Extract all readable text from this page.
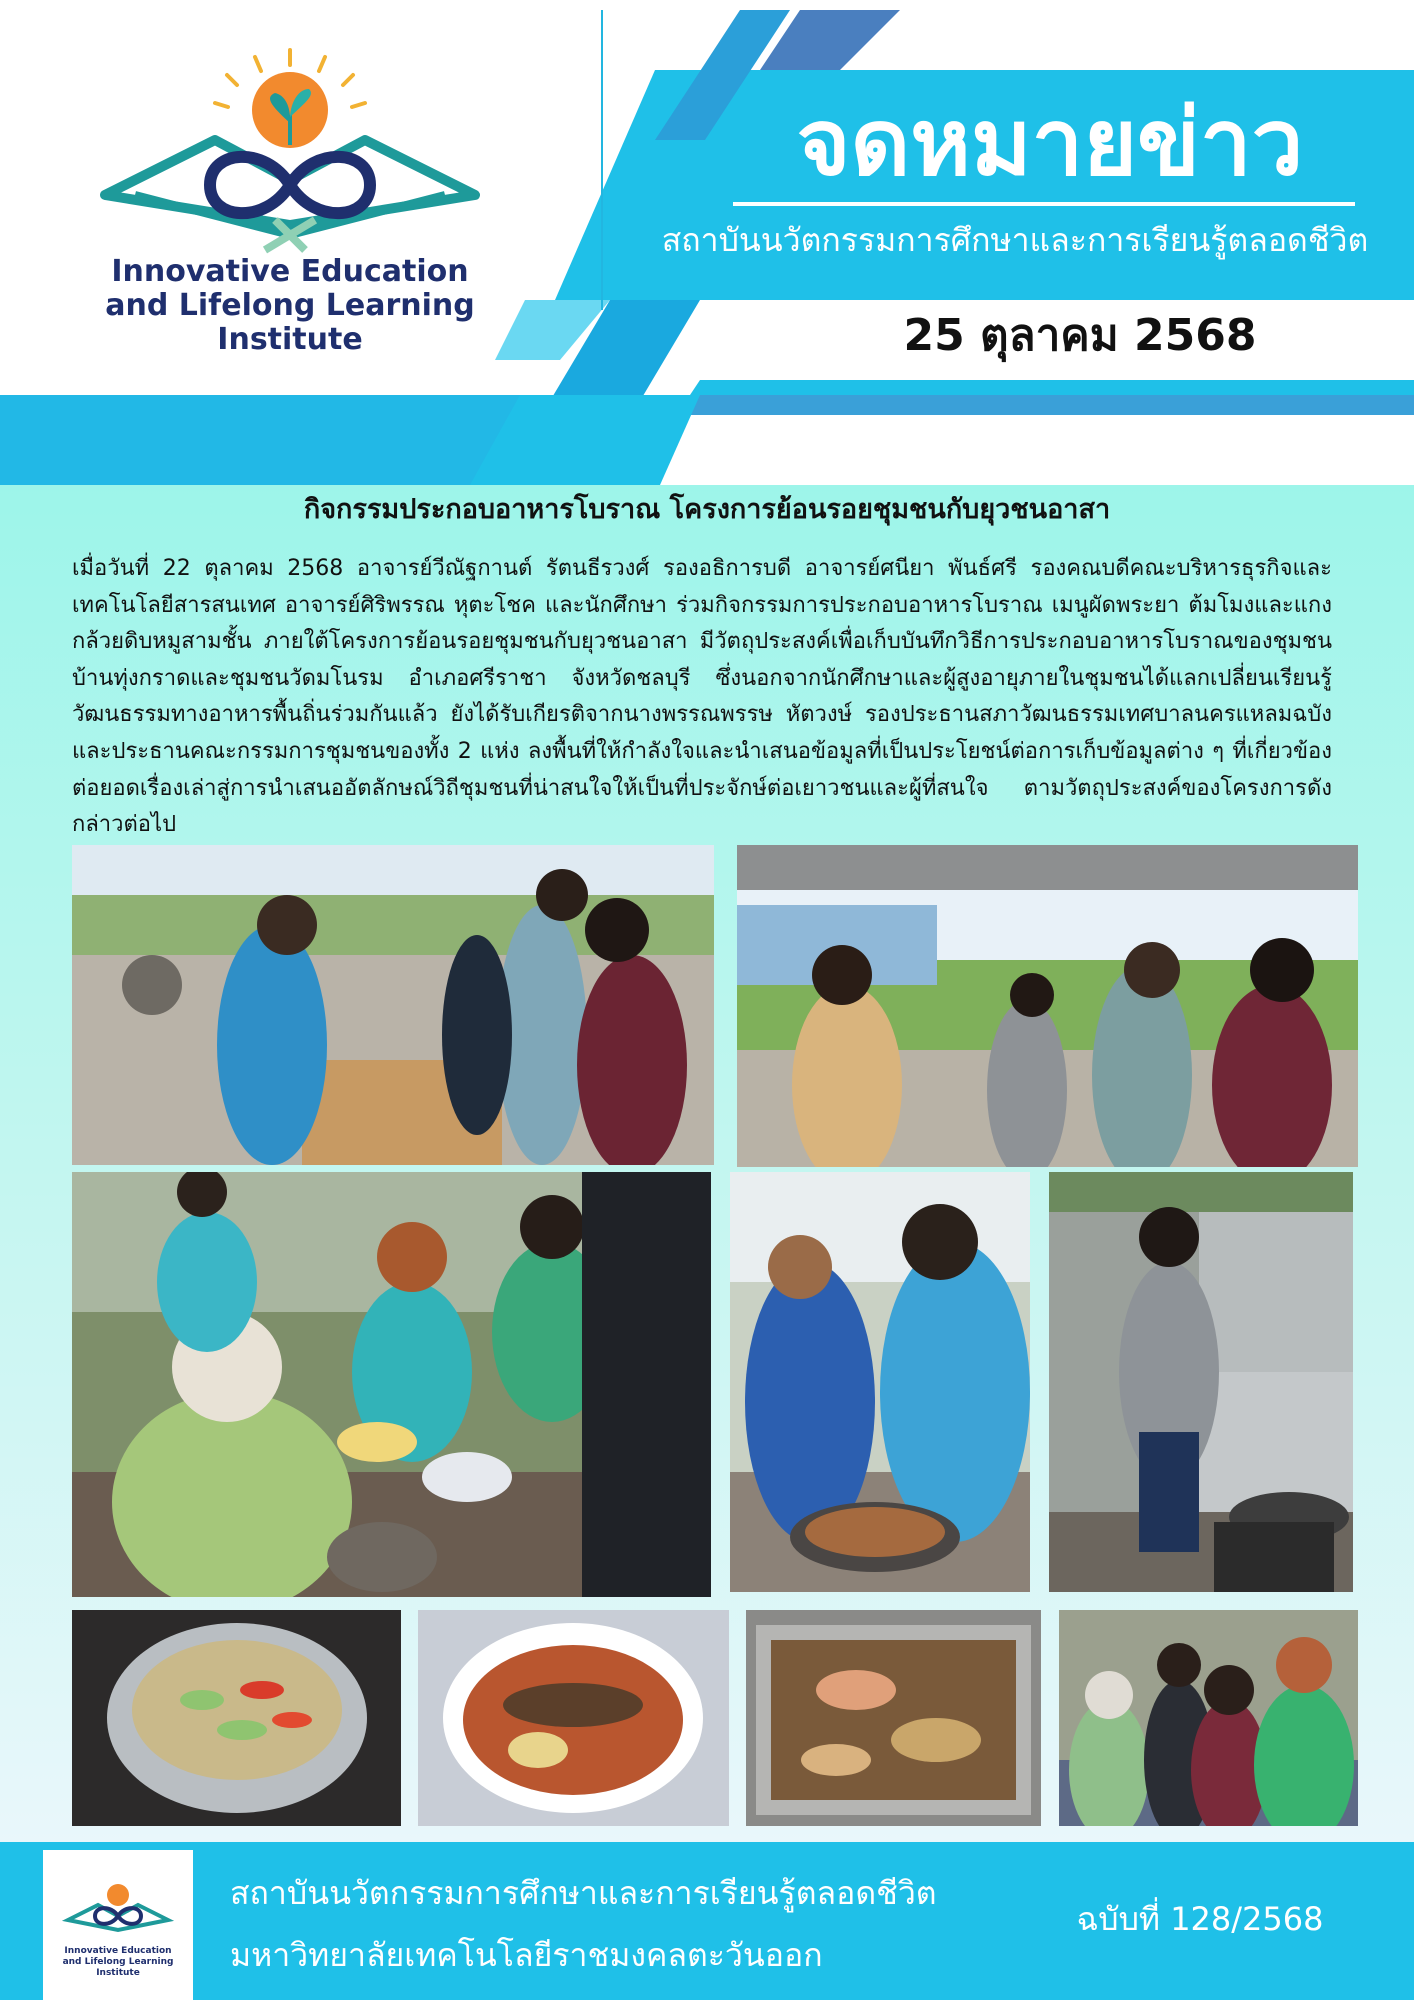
Innovative Education
and Lifelong Learning
Institute
จดหมายข่าว
สถาบันนวัตกรรมการศึกษาและการเรียนรู้ตลอดชีวิต
25 ตุลาคม 2568
กิจกรรมประกอบอาหารโบราณ โครงการย้อนรอยชุมชนกับยุวชนอาสา
เมื่อวันที่ 22 ตุลาคม 2568 อาจารย์วีณัฐกานต์ รัตนธีรวงศ์ รองอธิการบดี อาจารย์ศนียา พันธ์ศรี รองคณบดีคณะบริหารธุรกิจและเทคโนโลยีสารสนเทศ อาจารย์ศิริพรรณ หุตะโชค และนักศึกษา ร่วมกิจกรรมการประกอบอาหารโบราณ เมนูผัดพระยา ต้มโมงและแกงกล้วยดิบหมูสามชั้น ภายใต้โครงการย้อนรอยชุมชนกับยุวชนอาสา มีวัตถุประสงค์เพื่อเก็บบันทึกวิธีการประกอบอาหารโบราณของชุมชนบ้านทุ่งกราดและชุมชนวัดมโนรม อำเภอศรีราชา จังหวัดชลบุรี ซึ่งนอกจากนักศึกษาและผู้สูงอายุภายในชุมชนได้แลกเปลี่ยนเรียนรู้วัฒนธรรมทางอาหารพื้นถิ่นร่วมกันแล้ว ยังได้รับเกียรติจากนางพรรณพรรษ หัตวงษ์ รองประธานสภาวัฒนธรรมเทศบาลนครแหลมฉบัง และประธานคณะกรรมการชุมชนของทั้ง 2 แห่ง ลงพื้นที่ให้กำลังใจและนำเสนอข้อมูลที่เป็นประโยชน์ต่อการเก็บข้อมูลต่าง ๆ ที่เกี่ยวข้อง ต่อยอดเรื่องเล่าสู่การนำเสนออัตลักษณ์วิถีชุมชนที่น่าสนใจให้เป็นที่ประจักษ์ต่อเยาวชนและผู้ที่สนใจ ตามวัตถุประสงค์ของโครงการดังกล่าวต่อไป
Innovative Education
and Lifelong Learning
Institute
สถาบันนวัตกรรมการศึกษาและการเรียนรู้ตลอดชีวิต
มหาวิทยาลัยเทคโนโลยีราชมงคลตะวันออก
ฉบับที่ 128/2568
